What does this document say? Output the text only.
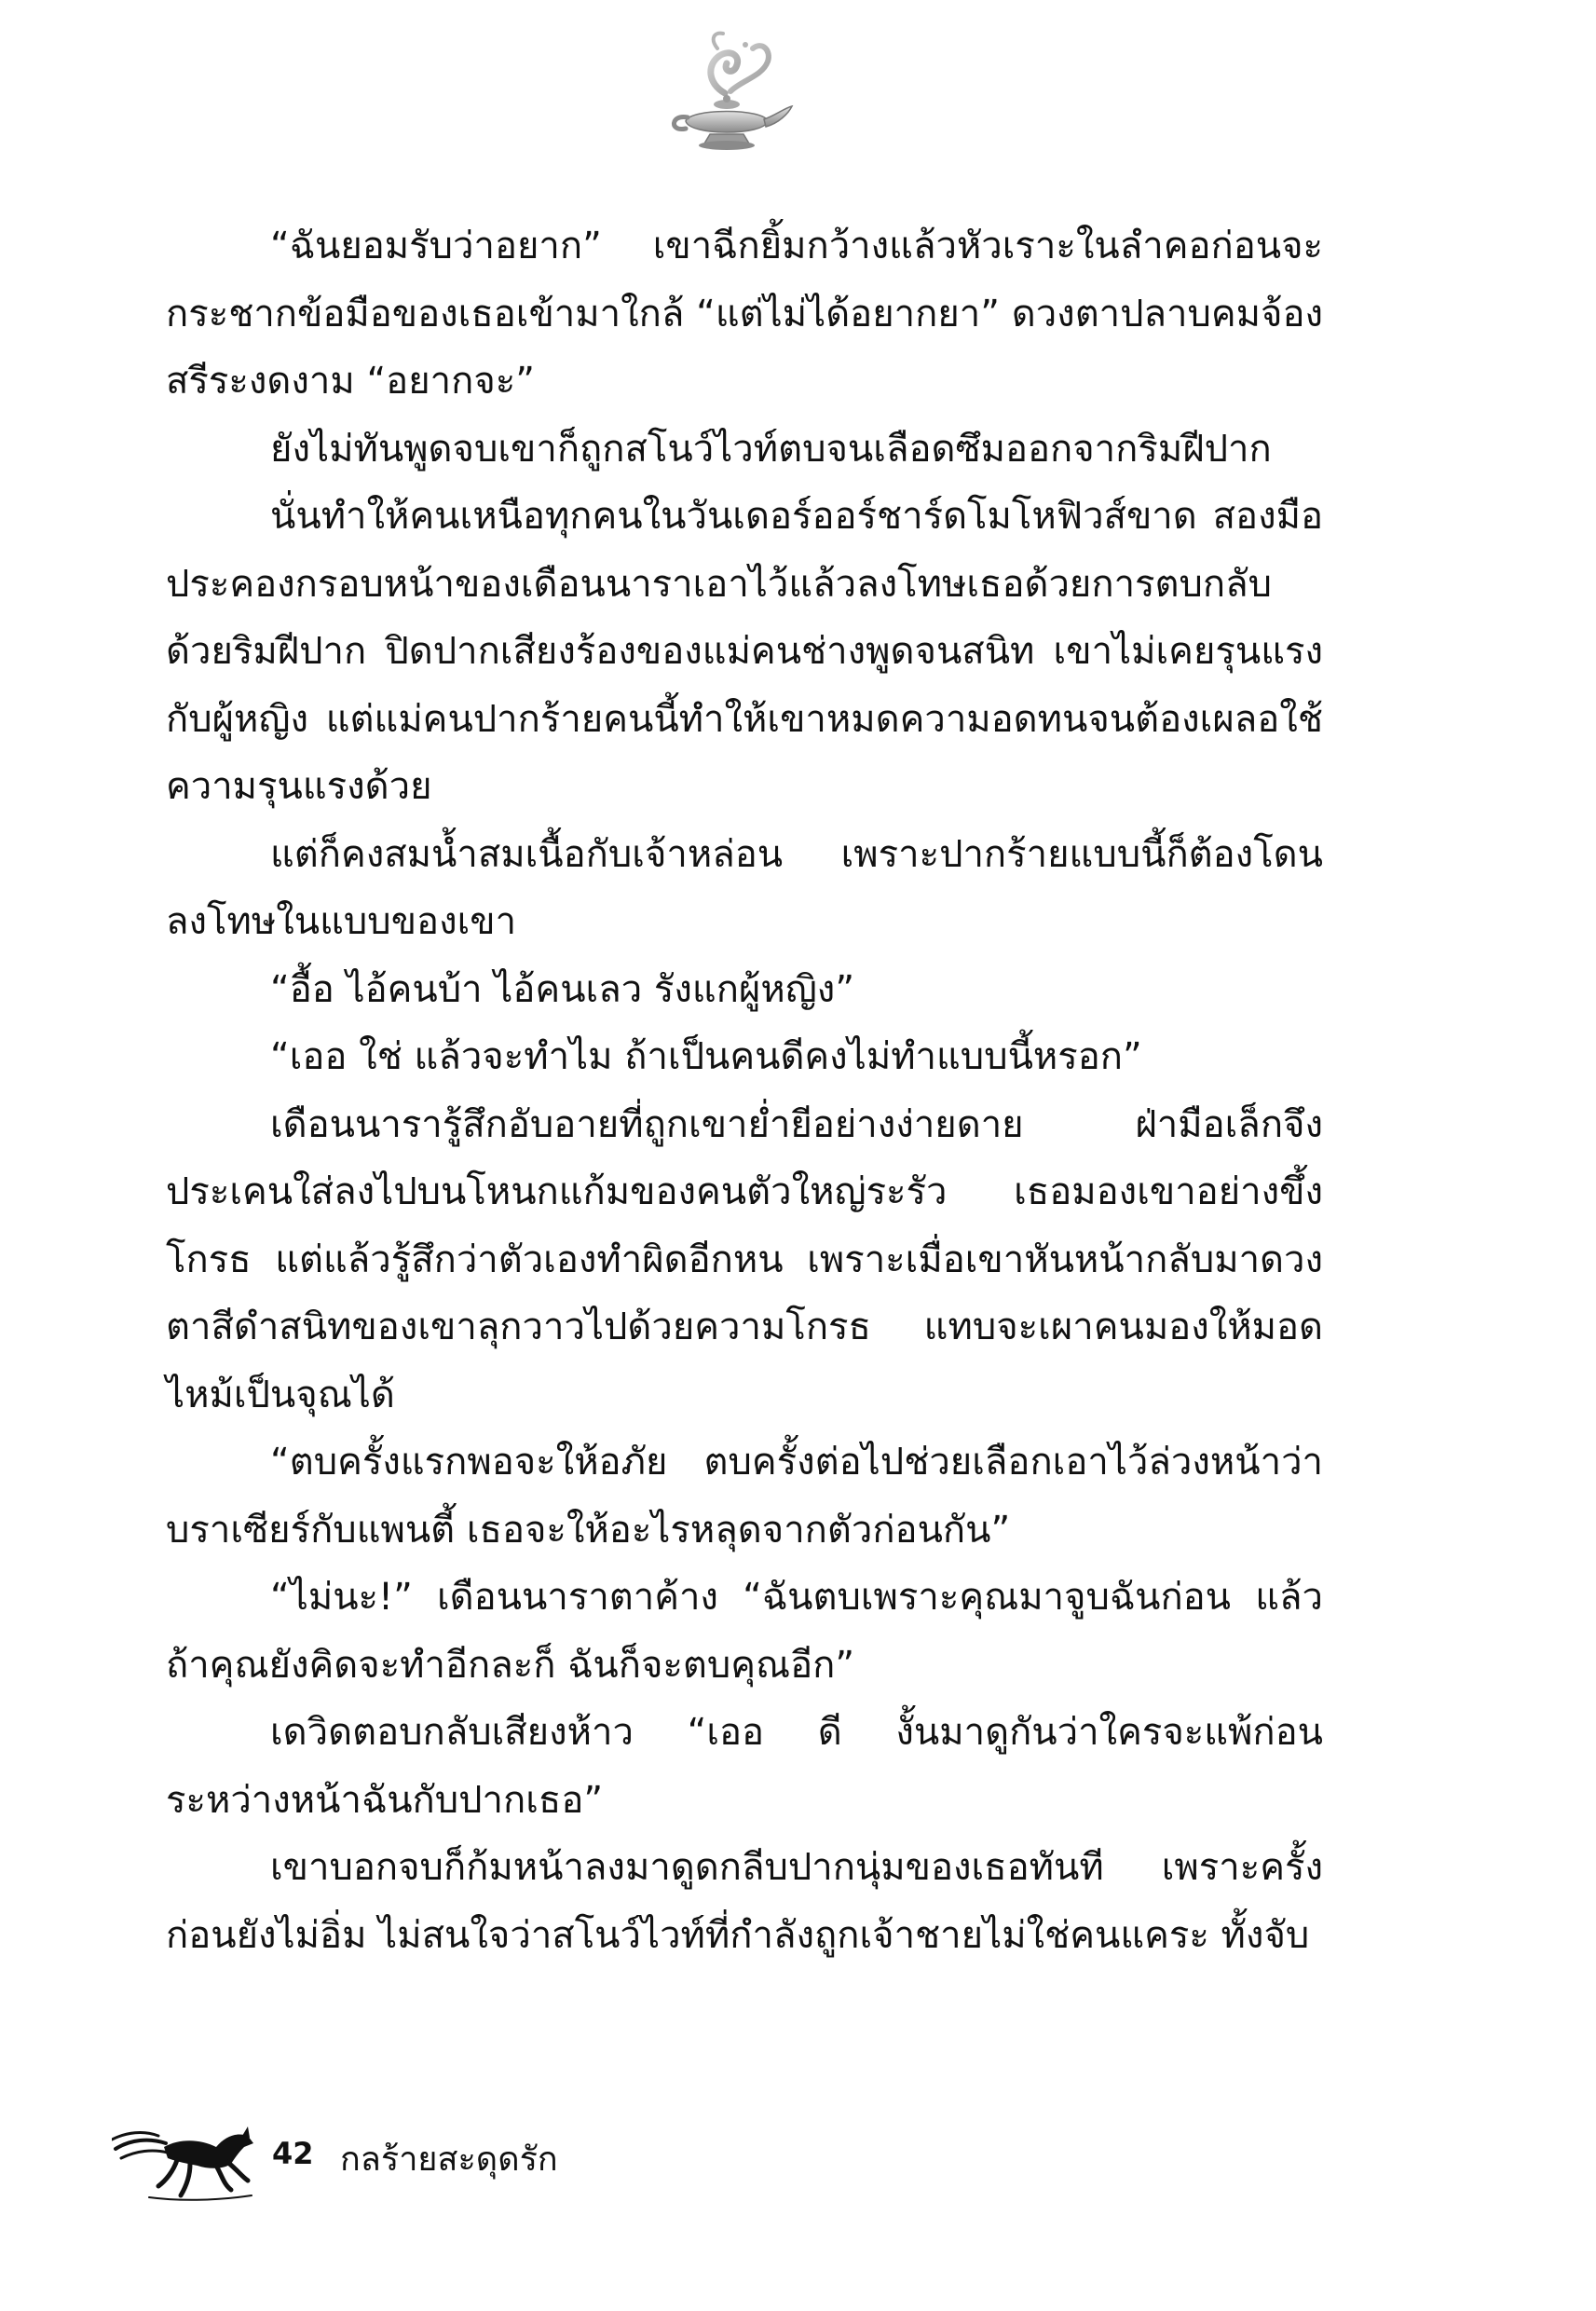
“ฉันยอมรับว่าอยาก” เขาฉีกยิ้มกว้างแล้วหัวเราะในลำคอก่อนจะกระชากข้อมือของเธอเข้ามาใกล้ “แต่ไม่ได้อยากยา” ดวงตาปลาบคมจ้องสรีระงดงาม “อยากจะ”

ยังไม่ทันพูดจบเขาก็ถูกสโนว์ไวท์ตบจนเลือดซึมออกจากริมฝีปาก

นั่นทำให้คนเหนือทุกคนในวันเดอร์ออร์ชาร์ดโมโหฟิวส์ขาด สองมือประคองกรอบหน้าของเดือนนาราเอาไว้แล้วลงโทษเธอด้วยการตบกลับด้วยริมฝีปาก ปิดปากเสียงร้องของแม่คนช่างพูดจนสนิท เขาไม่เคยรุนแรงกับผู้หญิง แต่แม่คนปากร้ายคนนี้ทำให้เขาหมดความอดทนจนต้องเผลอใช้ความรุนแรงด้วย

แต่ก็คงสมน้ำสมเนื้อกับเจ้าหล่อน เพราะปากร้ายแบบนี้ก็ต้องโดนลงโทษในแบบของเขา

“อื้อ ไอ้คนบ้า ไอ้คนเลว รังแกผู้หญิง”

“เออ ใช่ แล้วจะทำไม ถ้าเป็นคนดีคงไม่ทำแบบนี้หรอก”

เดือนนารารู้สึกอับอายที่ถูกเขาย่ำยีอย่างง่ายดาย ฝ่ามือเล็กจึงประเคนใส่ลงไปบนโหนกแก้มของคนตัวใหญ่ระรัว เธอมองเขาอย่างขึ้งโกรธ แต่แล้วรู้สึกว่าตัวเองทำผิดอีกหน เพราะเมื่อเขาหันหน้ากลับมาดวงตาสีดำสนิทของเขาลุกวาวไปด้วยความโกรธ แทบจะเผาคนมองให้มอดไหม้เป็นจุณได้

“ตบครั้งแรกพอจะให้อภัย ตบครั้งต่อไปช่วยเลือกเอาไว้ล่วงหน้าว่าบราเซียร์กับแพนตี้ เธอจะให้อะไรหลุดจากตัวก่อนกัน”

“ไม่นะ!” เดือนนาราตาค้าง “ฉันตบเพราะคุณมาจูบฉันก่อน แล้วถ้าคุณยังคิดจะทำอีกละก็ ฉันก็จะตบคุณอีก”

เดวิดตอบกลับเสียงห้าว “เออ ดี งั้นมาดูกันว่าใครจะแพ้ก่อน ระหว่างหน้าฉันกับปากเธอ”

เขาบอกจบก็ก้มหน้าลงมาดูดกลีบปากนุ่มของเธอทันที เพราะครั้งก่อนยังไม่อิ่ม ไม่สนใจว่าสโนว์ไวท์ที่กำลังถูกเจ้าชายไม่ใช่คนแคระ ทั้งจับ

42 กลร้ายสะดุดรัก
